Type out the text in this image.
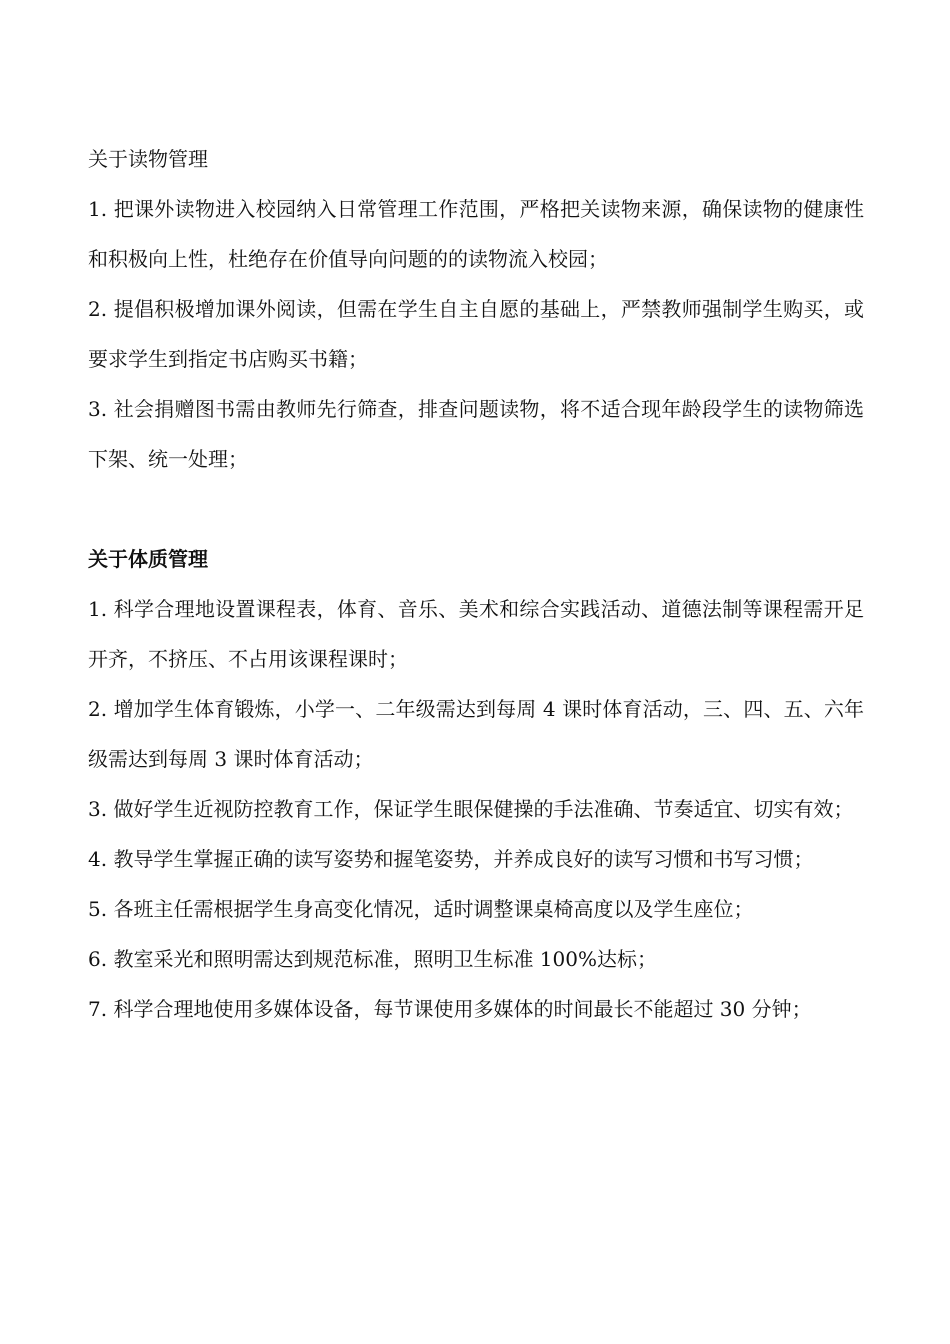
关于读物管理
1. 把课外读物进入校园纳入日常管理工作范围，严格把关读物来源，确保读物的健康性和积极向上性，杜绝存在价值导向问题的的读物流入校园；
2. 提倡积极增加课外阅读，但需在学生自主自愿的基础上，严禁教师强制学生购买，或要求学生到指定书店购买书籍；
3. 社会捐赠图书需由教师先行筛查，排查问题读物，将不适合现年龄段学生的读物筛选下架、统一处理；
关于体质管理
1. 科学合理地设置课程表，体育、音乐、美术和综合实践活动、道德法制等课程需开足开齐，不挤压、不占用该课程课时；
2. 增加学生体育锻炼，小学一、二年级需达到每周 4 课时体育活动，三、四、五、六年级需达到每周 3 课时体育活动；
3. 做好学生近视防控教育工作，保证学生眼保健操的手法准确、节奏适宜、切实有效；
4. 教导学生掌握正确的读写姿势和握笔姿势，并养成良好的读写习惯和书写习惯；
5. 各班主任需根据学生身高变化情况，适时调整课桌椅高度以及学生座位；
6. 教室采光和照明需达到规范标准，照明卫生标准 100%达标；
7. 科学合理地使用多媒体设备，每节课使用多媒体的时间最长不能超过 30 分钟；
